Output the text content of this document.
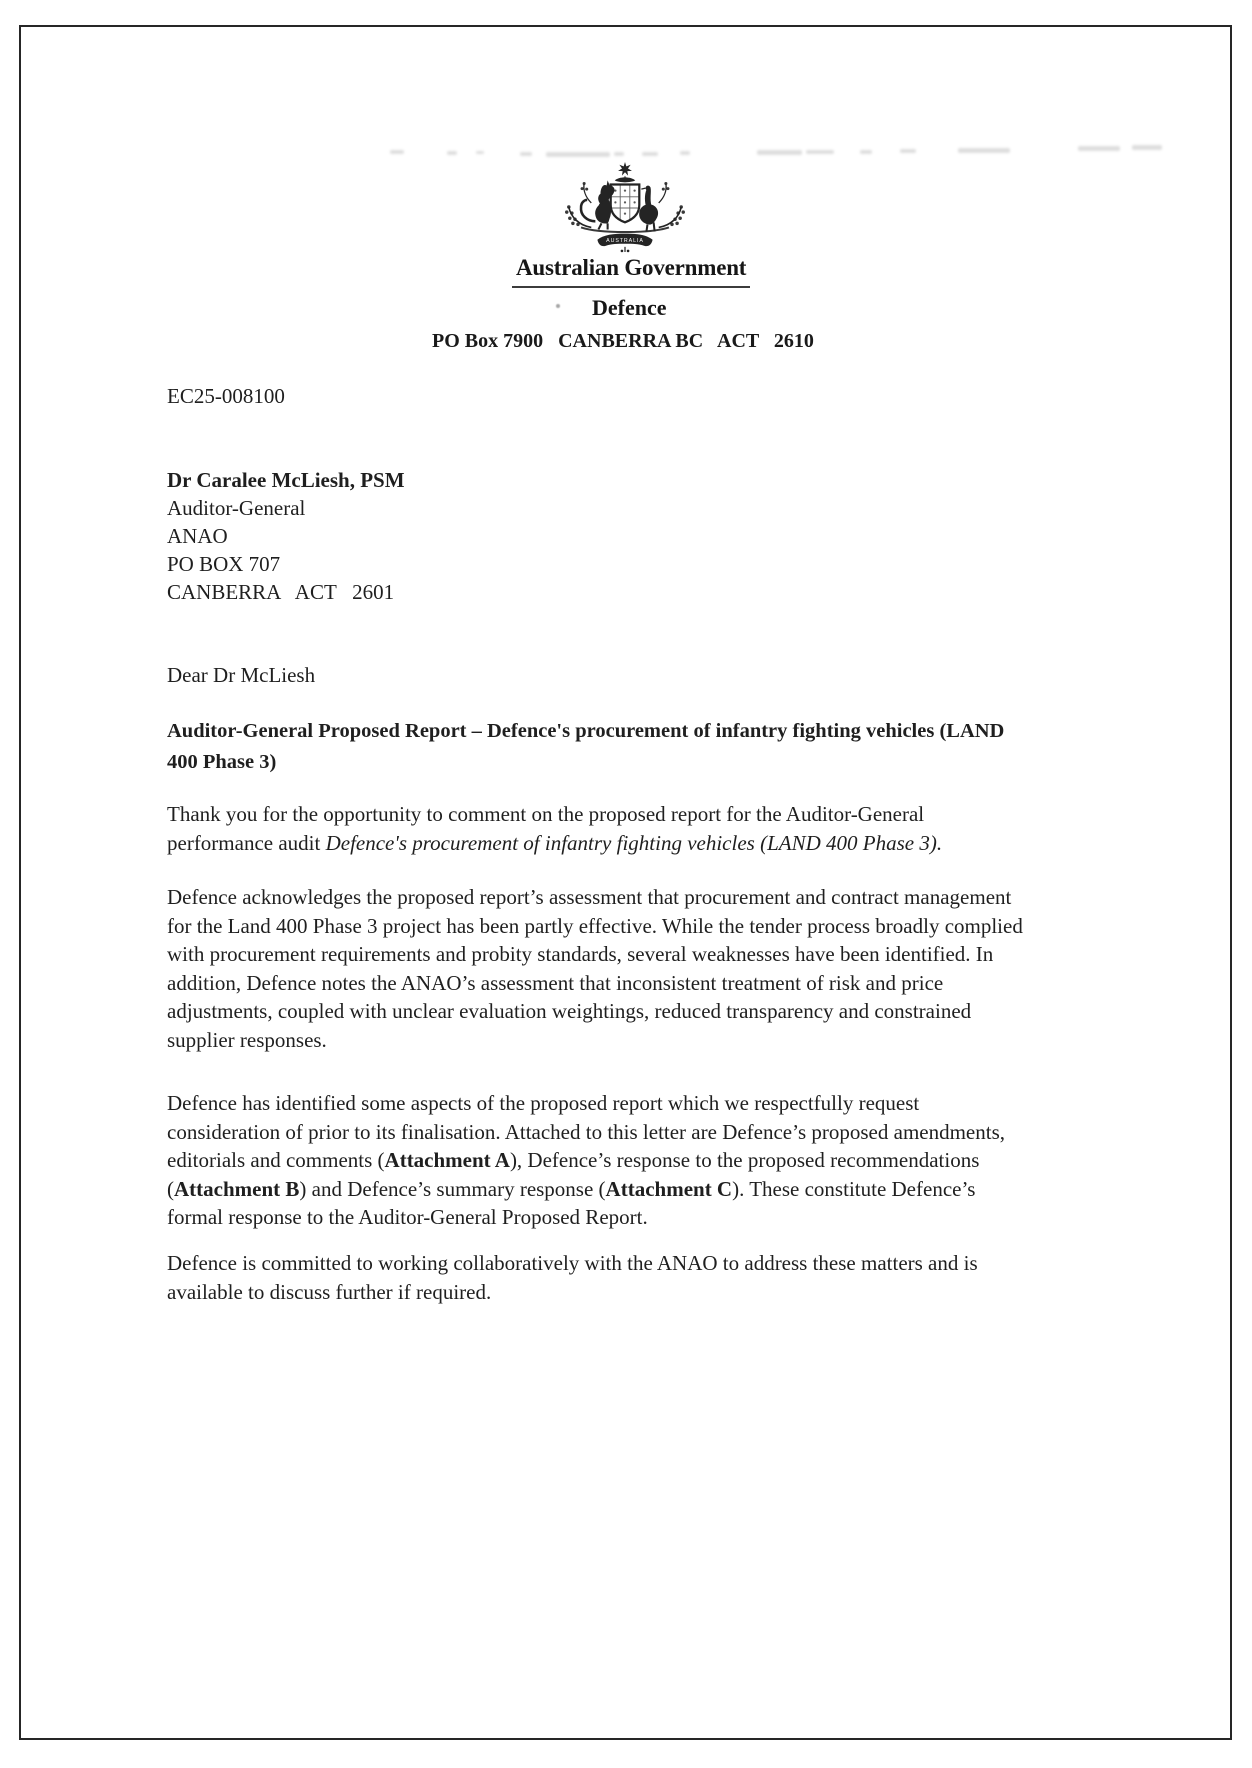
AUSTRALIA
Australian Government
Defence
PO Box 7900   CANBERRA BC   ACT   2610
EC25-008100
Dr Caralee McLiesh, PSM
Auditor-General
ANAO
PO BOX 707
CANBERRA   ACT   2601
Dear Dr McLiesh
Auditor-General Proposed Report – Defence's procurement of infantry fighting vehicles (LAND 400 Phase 3)
Thank you for the opportunity to comment on the proposed report for the Auditor-General performance audit Defence's procurement of infantry fighting vehicles (LAND 400 Phase 3).
Defence acknowledges the proposed report’s assessment that procurement and contract management for the Land 400 Phase 3 project has been partly effective. While the tender process broadly complied with procurement requirements and probity standards, several weaknesses have been identified. In addition, Defence notes the ANAO’s assessment that inconsistent treatment of risk and price adjustments, coupled with unclear evaluation weightings, reduced transparency and constrained supplier responses.
Defence has identified some aspects of the proposed report which we respectfully request consideration of prior to its finalisation. Attached to this letter are Defence’s proposed amendments, editorials and comments (Attachment A), Defence’s response to the proposed recommendations (Attachment B) and Defence’s summary response (Attachment C). These constitute Defence’s formal response to the Auditor-General Proposed Report.
Defence is committed to working collaboratively with the ANAO to address these matters and is available to discuss further if required.
